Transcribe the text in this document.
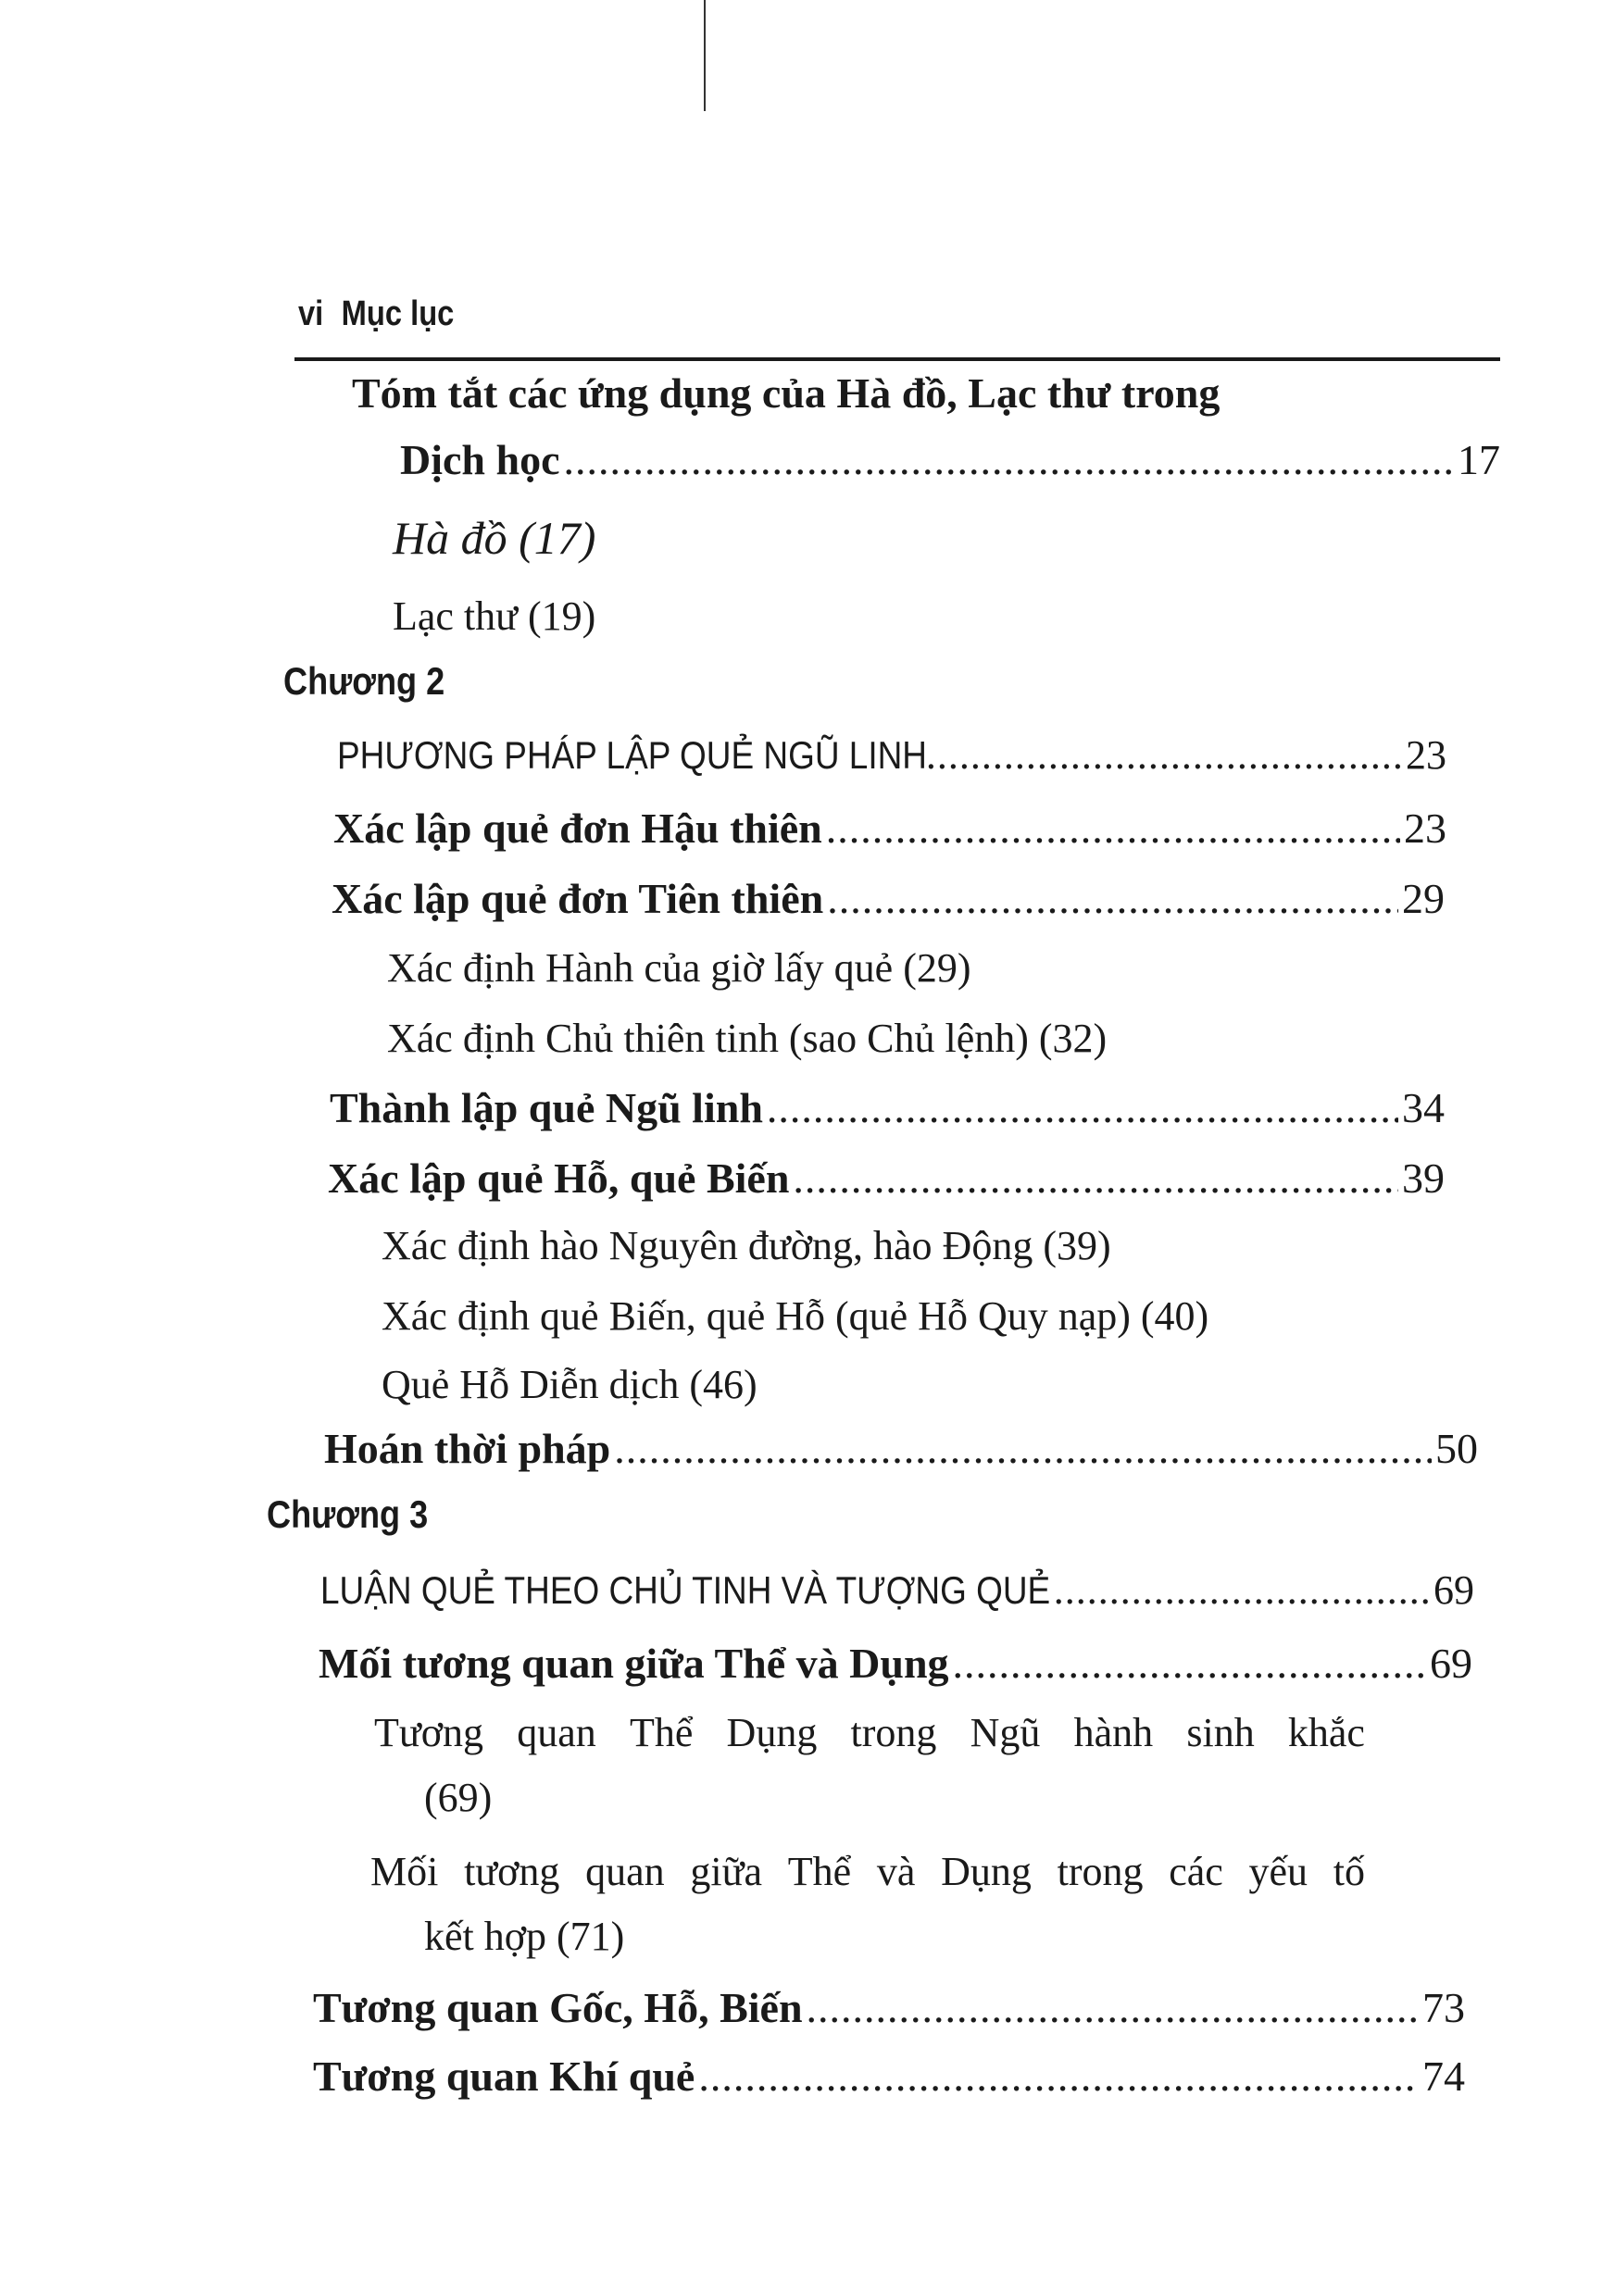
vi Mục lục
Tóm tắt các ứng dụng của Hà đồ, Lạc thư trong
Dịch học .....	17
Hà đồ (17)
Lạc thư (19)
Chương 2
PHƯƠNG PHÁP LẬP QUẺ NGŨ LINH .....	23
Xác lập quẻ đơn Hậu thiên .....	23
Xác lập quẻ đơn Tiên thiên .....	29
Xác định Hành của giờ lấy quẻ (29)
Xác định Chủ thiên tinh (sao Chủ lệnh) (32)
Thành lập quẻ Ngũ linh .....	34
Xác lập quẻ Hỗ, quẻ Biến .....	39
Xác định hào Nguyên đường, hào Động (39)
Xác định quẻ Biến, quẻ Hỗ (quẻ Hỗ Quy nạp) (40)
Quẻ Hỗ Diễn dịch (46)
Hoán thời pháp .....	50
Chương 3
LUẬN QUẺ THEO CHỦ TINH VÀ TƯỢNG QUẺ .....	69
Mối tương quan giữa Thể và Dụng .....	69
Tương quan Thể Dụng trong Ngũ hành sinh khắc
(69)
Mối tương quan giữa Thể và Dụng trong các yếu tố
kết hợp (71)
Tương quan Gốc, Hỗ, Biến .....	73
Tương quan Khí quẻ .....	74
